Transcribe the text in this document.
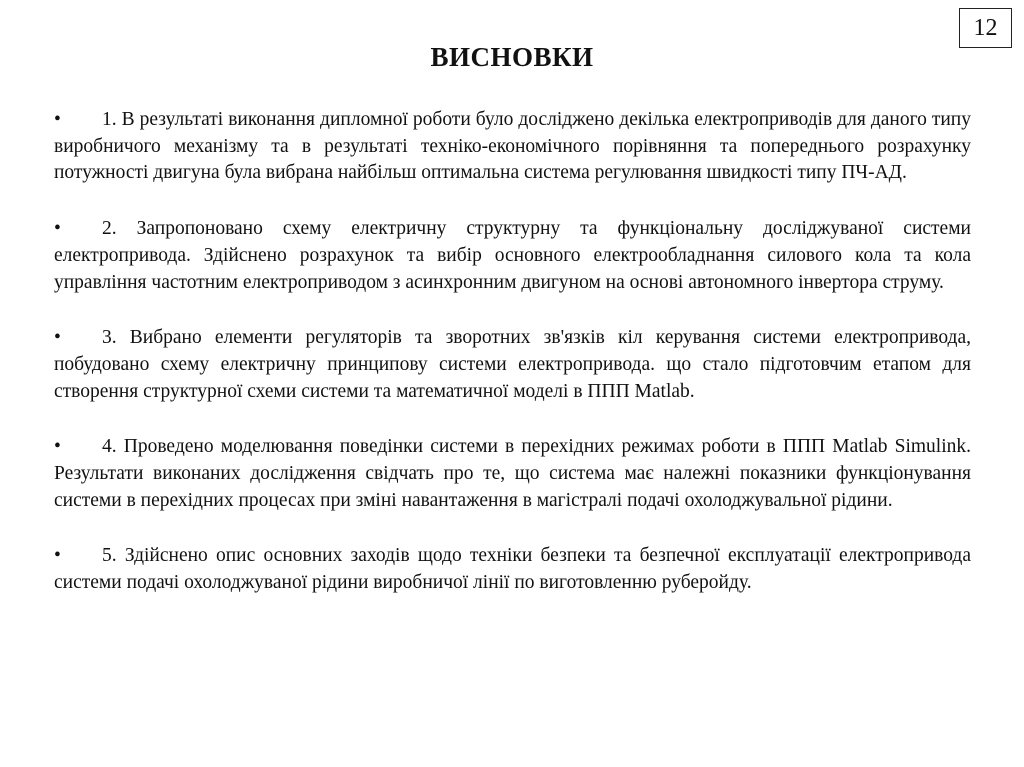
12
ВИСНОВКИ
• 1. В результаті виконання дипломної роботи було досліджено декілька електроприводів для даного типу виробничого механізму та в результаті техніко-економічного порівняння та попереднього розрахунку потужності двигуна була вибрана найбільш оптимальна система регулювання швидкості типу ПЧ-АД.
• 2. Запропоновано схему електричну структурну та функціональну досліджуваної системи електропривода. Здійснено розрахунок та вибір основного електрообладнання силового кола та кола управління частотним електроприводом з асинхронним двигуном на основі автономного інвертора струму.
• 3. Вибрано елементи регуляторів та зворотних зв'язків кіл керування системи електропривода, побудовано схему електричну принципову системи електропривода. що стало підготовчим етапом для створення структурної схеми системи та математичної моделі в ППП Matlab.
• 4. Проведено моделювання поведінки системи в перехідних режимах роботи в ППП Matlab Simulink. Результати виконаних дослідження свідчать про те, що система має належні показники функціонування системи в перехідних процесах при зміні навантаження в магістралі подачі охолоджувальної рідини.
• 5. Здійснено опис основних заходів щодо техніки безпеки та безпечної експлуатації електропривода системи подачі охолоджуваної рідини виробничої лінії по виготовленню руберойду.
